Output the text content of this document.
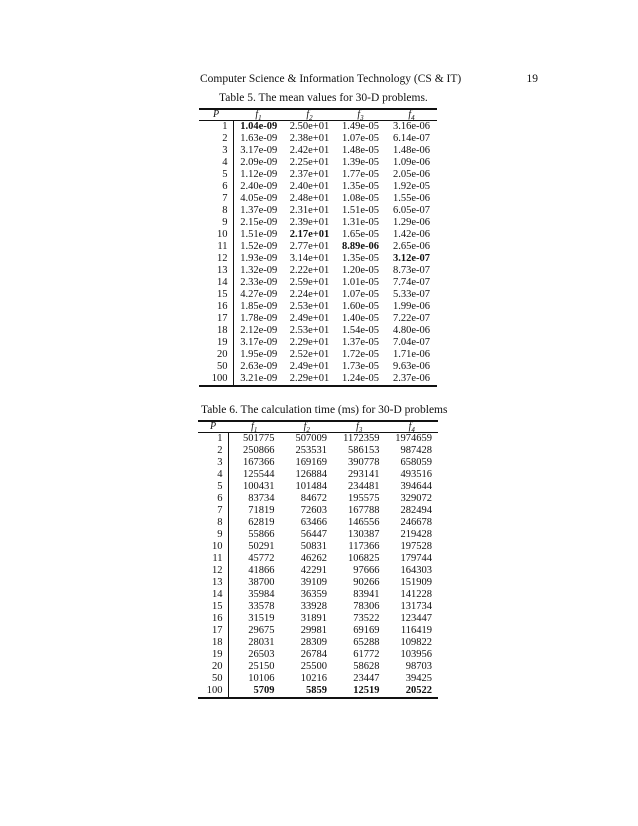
Computer Science & Information Technology (CS & IT)	19
Table 5. The mean values for 30-D problems.
P	$f_1$	$f_2$	$f_3$	$f_4$
1	1.04e-09	2.50e+01	1.49e-05	3.16e-06
2	1.63e-09	2.38e+01	1.07e-05	6.14e-07
3	3.17e-09	2.42e+01	1.48e-05	1.48e-06
4	2.09e-09	2.25e+01	1.39e-05	1.09e-06
5	1.12e-09	2.37e+01	1.77e-05	2.05e-06
6	2.40e-09	2.40e+01	1.35e-05	1.92e-05
7	4.05e-09	2.48e+01	1.08e-05	1.55e-06
8	1.37e-09	2.31e+01	1.51e-05	6.05e-07
9	2.15e-09	2.39e+01	1.31e-05	1.29e-06
10	1.51e-09	2.17e+01	1.65e-05	1.42e-06
11	1.52e-09	2.77e+01	8.89e-06	2.65e-06
12	1.93e-09	3.14e+01	1.35e-05	3.12e-07
13	1.32e-09	2.22e+01	1.20e-05	8.73e-07
14	2.33e-09	2.59e+01	1.01e-05	7.74e-07
15	4.27e-09	2.24e+01	1.07e-05	5.33e-07
16	1.85e-09	2.53e+01	1.60e-05	1.99e-06
17	1.78e-09	2.49e+01	1.40e-05	7.22e-07
18	2.12e-09	2.53e+01	1.54e-05	4.80e-06
19	3.17e-09	2.29e+01	1.37e-05	7.04e-07
20	1.95e-09	2.52e+01	1.72e-05	1.71e-06
50	2.63e-09	2.49e+01	1.73e-05	9.63e-06
100	3.21e-09	2.29e+01	1.24e-05	2.37e-06
Table 6. The calculation time (ms) for 30-D problems
P	$f_1$	$f_2$	$f_3$	$f_4$
1	501775	507009	1172359	1974659
2	250866	253531	586153	987428
3	167366	169169	390778	658059
4	125544	126884	293141	493516
5	100431	101484	234481	394644
6	83734	84672	195575	329072
7	71819	72603	167788	282494
8	62819	63466	146556	246678
9	55866	56447	130387	219428
10	50291	50831	117366	197528
11	45772	46262	106825	179744
12	41866	42291	97666	164303
13	38700	39109	90266	151909
14	35984	36359	83941	141228
15	33578	33928	78306	131734
16	31519	31891	73522	123447
17	29675	29981	69169	116419
18	28031	28309	65288	109822
19	26503	26784	61772	103956
20	25150	25500	58628	98703
50	10106	10216	23447	39425
100	5709	5859	12519	20522
